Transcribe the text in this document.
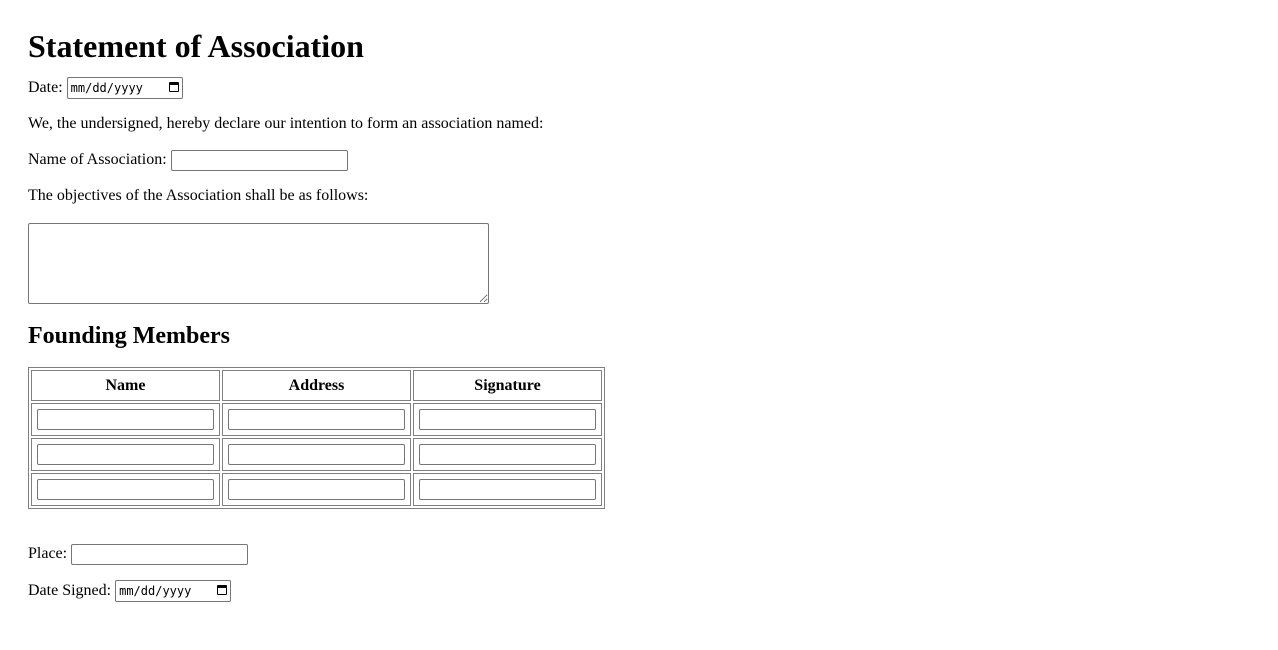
Statement of Association
Date: mm/dd/yyyy

We, the undersigned, hereby declare our intention to form an association named:

Name of Association:

The objectives of the Association shall be as follows:

Founding Members
Name	Address	Signature

Place:
Date Signed: mm/dd/yyyy
